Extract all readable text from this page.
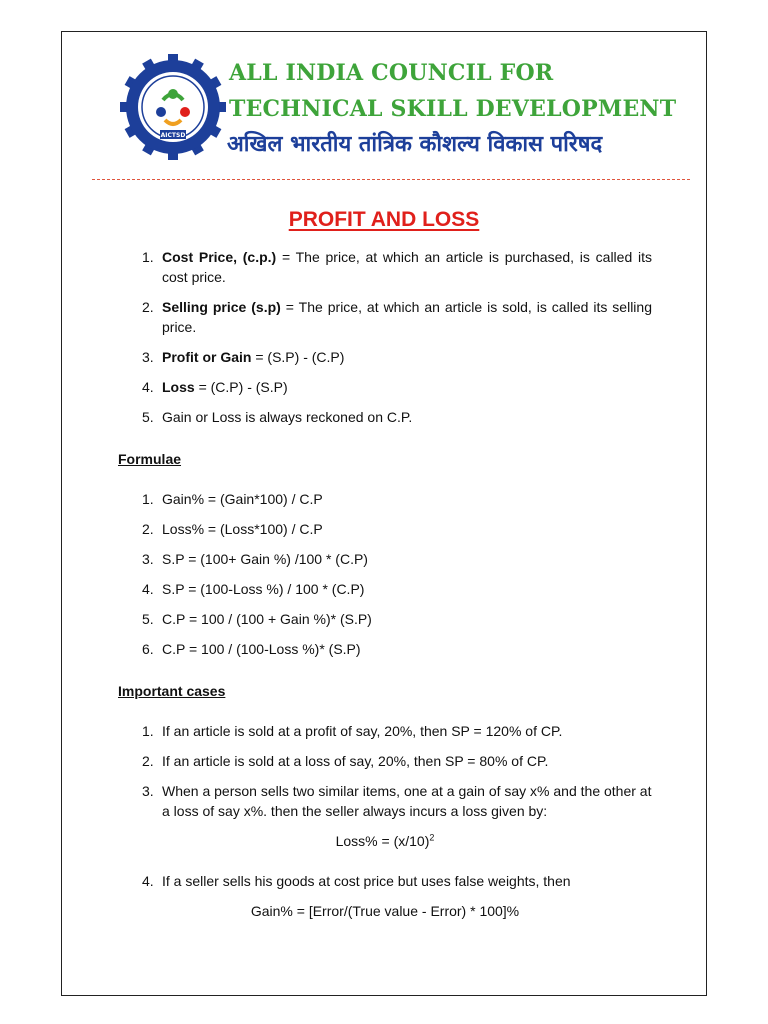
AICTSD
ALL INDIA COUNCIL FOR
TECHNICAL SKILL DEVELOPMENT
अखिल भारतीय तांत्रिक कौशल्य विकास परिषद
PROFIT AND LOSS
1. Cost Price, (c.p.) = The price, at which an article is purchased, is called its cost price.
2. Selling price (s.p) = The price, at which an article is sold, is called its selling price.
3. Profit or Gain = (S.P) - (C.P)
4. Loss = (C.P) - (S.P)
5. Gain or Loss is always reckoned on C.P.
Formulae
1. Gain% = (Gain*100) / C.P
2. Loss% = (Loss*100) / C.P
3. S.P = (100+ Gain %) /100 * (C.P)
4. S.P = (100-Loss %) / 100 * (C.P)
5. C.P = 100 / (100 + Gain %)* (S.P)
6. C.P = 100 / (100-Loss %)* (S.P)
Important cases
1. If an article is sold at a profit of say, 20%, then SP = 120% of CP.
2. If an article is sold at a loss of say, 20%, then SP = 80% of CP.
3. When a person sells two similar items, one at a gain of say x% and the other at a loss of say x%. then the seller always incurs a loss given by:
Loss% = $(x/10)^2$
4. If a seller sells his goods at cost price but uses false weights, then
Gain% = [Error/(True value - Error) * 100]%
